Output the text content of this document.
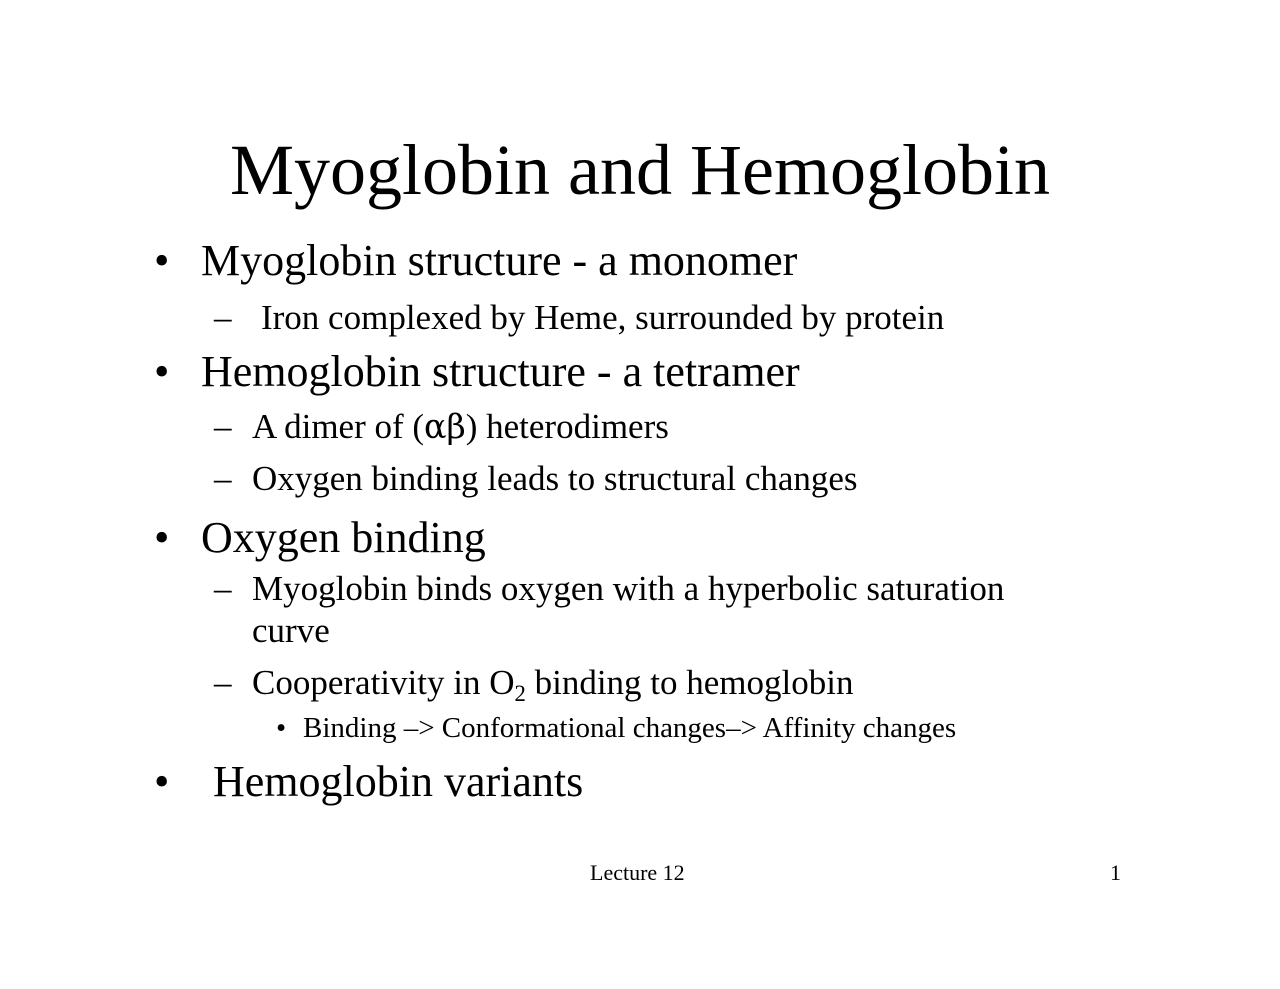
Myoglobin and Hemoglobin
• Myoglobin structure - a monomer
– Iron complexed by Heme, surrounded by protein
• Hemoglobin structure - a tetramer
– A dimer of (αβ) heterodimers
– Oxygen binding leads to structural changes
• Oxygen binding
– Myoglobin binds oxygen with a hyperbolic saturation
curve
– Cooperativity in $O_2$ binding to hemoglobin
• Binding –> Conformational changes–> Affinity changes
• Hemoglobin variants
Lecture 12	1
